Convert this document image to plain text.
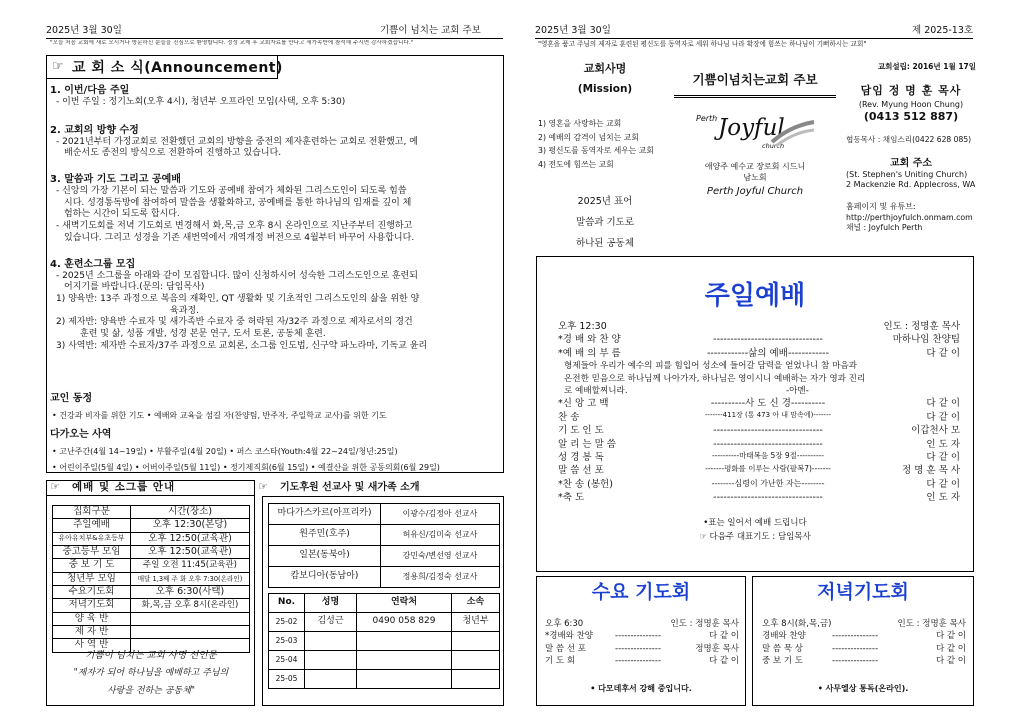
2025년 3월 30일	기쁨이 넘치는 교회 주보
"오늘 처음 교회에 새로 오시거나 방문하신 분들을 진심으로 환영합니다. 정성 교제 후 교회자료를 만나고 새가족반에 참석해 주시면 감사하겠습니다."
☞ 교 회 소 식(Announcement)
1. 이번/다음 주일
- 이번 주일 : 정기노회(오후 4시), 청년부 오프라인 모임(사택, 오후 5:30)
2. 교회의 방향 수정
- 2021년부터 가정교회로 전환했던 교회의 방향을 중전의 제자훈련하는 교회로 전환했고, 예
배순서도 종전의 방식으로 전환하여 진행하고 있습니다.
3. 말씀과 기도 그리고 공예배
- 신앙의 가장 기본이 되는 말씀과 기도와 공예배 참여가 체화된 그리스도인이 되도록 힘씁
시다. 성경통독방에 참여하여 말씀을 생활화하고, 공예배를 통한 하나님의 임재를 깊이 체
험하는 시간이 되도록 합시다.
- 새벽기도회를 저녁 기도회로 변경해서 화,목,금 오후 8시 온라인으로 지난주부터 진행하고
있습니다. 그리고 성경을 기존 새번역에서 개역개정 버전으로 4월부터 바꾸어 사용합니다.
4. 훈련소그룹 모집
- 2025년 소그룹을 아래와 같이 모집합니다. 많이 신청하시어 성숙한 그리스도인으로 훈련되
어지기를 바랍니다.(문의: 담임목사)
1) 양육반: 13주 과정으로 복음의 재확인, QT 생활화 및 기초적인 그리스도인의 삶을 위한 양
육과정.
2) 제자반: 양육반 수료자 및 새가족반 수료자 중 허락된 자/32주 과정으로 제자로서의 경건
훈련 및 삶, 성품 개발, 성경 본문 연구, 도서 토론, 공동체 훈련.
3) 사역반: 제자반 수료자/37주 과정으로 교회론, 소그룹 인도법, 신구약 파노라마, 기독교 윤리
교인 동정
• 건강과 비자를 위한 기도 • 예배와 교육을 섬길 자(찬양팀, 반주자, 주일학교 교사)를 위한 기도
다가오는 사역
• 고난주간(4월 14~19일) • 부활주일(4월 20일) • 퍼스 코스타(Youth:4월 22~24일/청년:25일)
• 어린이주일(5월 4일) • 어버이주일(5월 11일) • 정기제직회(6월 15일) • 예결산을 위한 공동의회(6월 29일)
☞ 예배 및 소그룹 안내
집회구분	시간(장소)
주일예배	오후 12:30(본당)
유아유치부&유초등부	오후 12:50(교육관)
중고등부 모임	오후 12:50(교육관)
중 보 기 도	주일 오전 11:45(교육관)
청년부 모임	매달 1,3째 주 화 오후 7:30(온라인)
수요기도회	오후 6:30(사택)
저녁기도회	화,목,금 오후 8시(온라인)
양 육 반	
제 자 반	
사 역 반	
기쁨이 넘치는 교회 사명 선언문
"제자가 되어 하나님을 예배하고 주님의
사랑을 전하는 공동체"
☞ 기도후원 선교사 및 새가족 소개
마다가스카르(아프리카)	이광수/김정아 선교사
원주민(호주)	허유신/김미숙 선교사
일본(동북아)	강민숙/변선영 선교사
캄보디아(동남아)	정용희/김정숙 선교사
No.	성명	연락처	소속
25-02	김성근	0490 058 829	청년부
25-03			
25-04			
25-05			
2025년 3월 30일	제 2025-13호
"영혼을 품고 주님의 제자로 훈련된 평신도를 동역자로 세워 하나님 나라 확장에 힘쓰는 하나님이 기뻐하시는 교회"
교회사명
(Mission)
1) 영혼을 사랑하는 교회
2) 예배의 감격이 넘치는 교회
3) 평신도를 동역자로 세우는 교회
4) 전도에 힘쓰는 교회
2025년 표어
말씀과 기도로
하나된 공동체
기쁨이넘치는교회 주보
Perth Joyful
church
애양주 예수교 장로회 시드니
남노회
Perth Joyful Church
교회설립: 2016년 1월 17일
담임 정 명 훈 목사
(Rev. Myung Hoon Chung)
(0413 512 887)
협동목사 : 채임스리(0422 628 085)
교회 주소
(St. Stephen's Uniting Church)
2 Mackenzie Rd. Applecross, WA
홈페이지 및 유튜브:
http://perthjoyfulch.onmam.com
채널 : Joyfulch Perth
주일예배
오후 12:30	인도 : 정명훈 목사
*경 배 와 찬 양	--------------------------------	마하나임 찬양팀
*예 배 의 부 름	------------삶의 예배------------	다 같 이
형제들아 우리가 예수의 피를 힘입어 성소에 들어갈 담력을 얻었나니 참 마음과
온전한 믿음으로 하나님께 나아가자, 하나님은 영이시니 예배하는 자가 영과 진리
로 예배할찌니라.                                                          -아멘-
*신 앙 고 백	----------사 도 신 경----------	다 같 이
찬 송	-------411장 (통 473 아 내 맘속에)-------	다 같 이
기 도 인 도	--------------------------------	이갑천사 모
알 리 는 말 씀	--------------------------------	인 도 자
성 경 봉 독	----------마태복음 5장 9절----------	다 같 이
말 씀 선 포	-------평화를 이루는 사람(팔복7)-------	정 명 훈 목 사
*찬 송 (봉헌)	--------심령이 가난한 자는--------	다 같 이
*축 도	--------------------------------	인 도 자
•표는 일어서 예배 드립니다
☞ 다음주 대표기도 : 담임목사
수요 기도회
오후 6:30	인도 : 정명훈 목사
*경배와 찬양	---------------	다 같 이
말 씀 선 포	---------------	정명훈 목사
기 도 회	---------------	다 같 이
• 다모데후서 강해 중입니다.
저녁기도회
오후 8시(화,목,금)	인도 : 정명훈 목사
경배와 찬양	---------------	다 같 이
말 씀 묵 상	---------------	다 같 이
중 보 기 도	---------------	다 같 이
• 사무엘상 통독(온라인).
